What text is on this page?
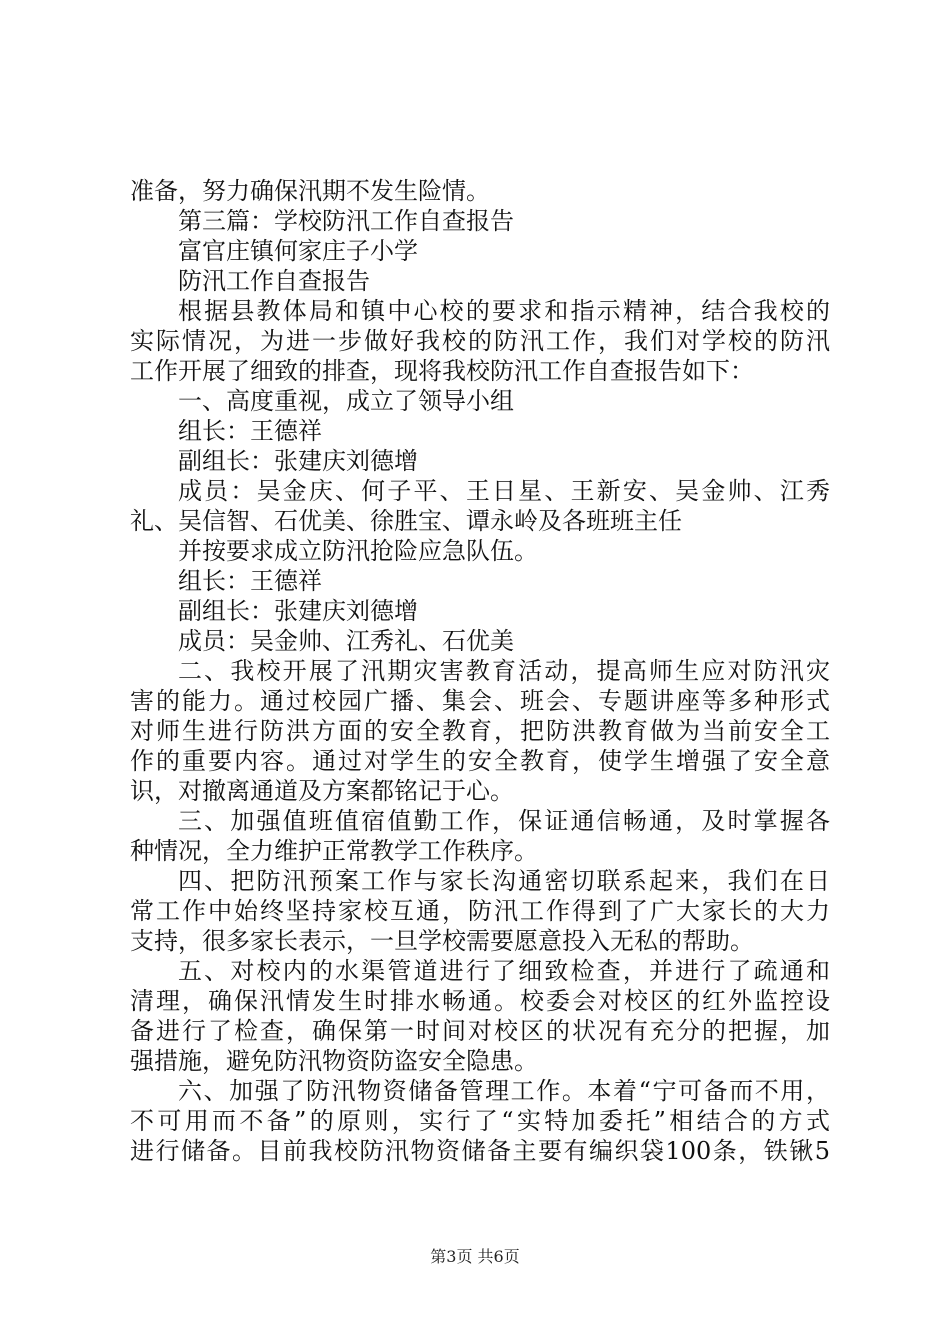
准备，努力确保汛期不发生险情。
第三篇：学校防汛工作自查报告
富官庄镇何家庄子小学
防汛工作自查报告
根据县教体局和镇中心校的要求和指示精神，结合我校的
实际情况，为进一步做好我校的防汛工作，我们对学校的防汛
工作开展了细致的排查，现将我校防汛工作自查报告如下：
一、高度重视，成立了领导小组
组长：王德祥
副组长：张建庆刘德增
成员：吴金庆、何子平、王日星、王新安、吴金帅、江秀
礼、吴信智、石优美、徐胜宝、谭永岭及各班班主任
并按要求成立防汛抢险应急队伍。
组长：王德祥
副组长：张建庆刘德增
成员：吴金帅、江秀礼、石优美
二、我校开展了汛期灾害教育活动，提高师生应对防汛灾
害的能力。通过校园广播、集会、班会、专题讲座等多种形式
对师生进行防洪方面的安全教育，把防洪教育做为当前安全工
作的重要内容。通过对学生的安全教育，使学生增强了安全意
识，对撤离通道及方案都铭记于心。
三、加强值班值宿值勤工作，保证通信畅通，及时掌握各
种情况，全力维护正常教学工作秩序。
四、把防汛预案工作与家长沟通密切联系起来，我们在日
常工作中始终坚持家校互通，防汛工作得到了广大家长的大力
支持，很多家长表示，一旦学校需要愿意投入无私的帮助。
五、对校内的水渠管道进行了细致检查，并进行了疏通和
清理，确保汛情发生时排水畅通。校委会对校区的红外监控设
备进行了检查，确保第一时间对校区的状况有充分的把握，加
强措施，避免防汛物资防盗安全隐患。
六、加强了防汛物资储备管理工作。本着“宁可备而不用，
不可用而不备”的原则，实行了“实特加委托”相结合的方式
进行储备。目前我校防汛物资储备主要有编织袋100条，铁锹5
第3页 共6页
